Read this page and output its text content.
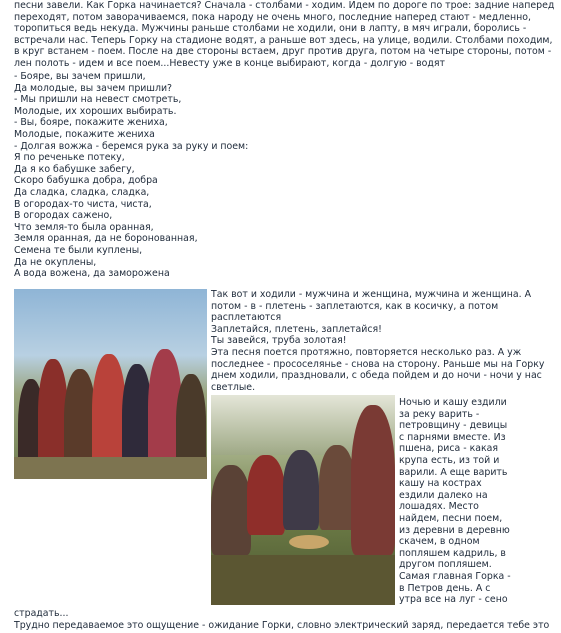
песни завели. Как Горка начинается? Сначала - столбами - ходим. Идем по дороге по трое: задние наперед

переходят, потом заворачиваемся, пока народу не очень много, последние наперед стают - медленно,

торопиться ведь некуда. Мужчины раньше столбами не ходили, они в лапту, в мяч играли, боролись -

встречали нас. Теперь Горку на стадионе водят, а раньше вот здесь, на улице, водили. Столбами походим,

в круг встанем - поем. После на две стороны встаем, друг против друга, потом на четыре стороны, потом -

лен полоть - идем и все поем...Невесту уже в конце выбирают, когда - долгую - водят

- Бояре, вы зачем пришли,

Да молодые, вы зачем пришли?

- Мы пришли на невест смотреть,

Молодые, их хороших выбирать.

- Вы, бояре, покажите жениха,

Молодые, покажите жениха

- Долгая вожжа - беремся рука за руку и поем:

Я по реченьке потеку,

Да я ко бабушке забегу,

Скоро бабушка добра, добра

Да сладка, сладка, сладка,

В огородах-то чиста, чиста,

В огородах сажено,

Что земля-то была оранная,

Земля оранная, да не боронованная,

Семена те были куплены,

Да не окуплены,

А вода вожена, да заморожена

Так вот и ходили - мужчина и женщина, мужчина и женщина. А

потом - в - плетень - заплетаются, как в косичку, а потом

расплетаются

Заплетайся, плетень, заплетайся!

Ты завейся, труба золотая!

Эта песня поется протяжно, повторяется несколько раз. А уж

последнее - прососелянье - снова на сторону. Раньше мы на Горку

днем ходили, праздновали, с обеда пойдем и до ночи - ночи у нас

светлые.

Ночью и кашу ездили

за реку варить -

петровщину - девицы

с парнями вместе. Из

пшена, риса - какая

крупа есть, из той и

варили. А еще варить

кашу на кострах

ездили далеко на

лошадях. Место

найдем, песни поем,

из деревни в деревню

скачем, в одном

попляшем кадриль, в

другом попляшем.

Самая главная Горка -

в Петров день. А с

утра все на луг - сено

страдать...

Трудно передаваемое это ощущение - ожидание Горки, словно электрический заряд, передается тебе это
